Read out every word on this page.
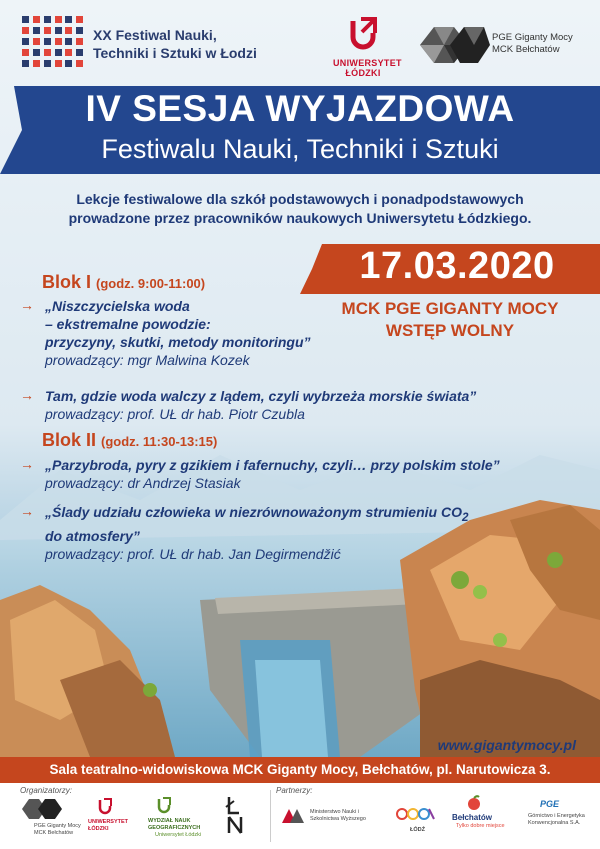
XX Festiwal Nauki,
Techniki i Sztuki w Łodzi
UNIWERSYTET ŁÓDZKI
PGE Giganty Mocy
MCK Bełchatów
IV SESJA WYJAZDOWA
Festiwalu Nauki, Techniki i Sztuki
Lekcje festiwalowe dla szkół podstawowych i ponadpodstawowych
prowadzone przez pracowników naukowych Uniwersytetu Łódzkiego.
17.03.2020
MCK PGE GIGANTY MOCY
WSTĘP WOLNY
Blok I (godz. 9:00-11:00)
→ „Niszczycielska woda
– ekstremalne powodzie:
przyczyny, skutki, metody monitoringu”
prowadzący: mgr Malwina Kozek
→ Tam, gdzie woda walczy z lądem, czyli wybrzeża morskie świata”
prowadzący: prof. UŁ dr hab. Piotr Czubla
Blok II (godz. 11:30-13:15)
→ „Parzybroda, pyry z gzikiem i fafernuchy, czyli… przy polskim stole”
prowadzący: dr Andrzej Stasiak
→ „Ślady udziału człowieka w niezrównoważonym strumieniu $CO_2$
do atmosfery”
prowadzący: prof. UŁ dr hab. Jan Degirmendžić
www.gigantymocy.pl
Sala teatralno-widowiskowa MCK Giganty Mocy, Bełchatów, pl. Narutowicza 3.
Organizatorzy:	Partnerzy:
PGE Giganty Mocy MCK Bełchatów
UNIWERSYTET ŁÓDZKI
WYDZIAŁ NAUK GEOGRAFICZNYCH
Uniwersytet Łódzki
Ministerstwo Nauki i Szkolnictwa Wyższego
ŁÓDŹ
Bełchatów
Tylko dobre miejsce
PGE
Górnictwo i Energetyka Konwencjonalna S.A.
